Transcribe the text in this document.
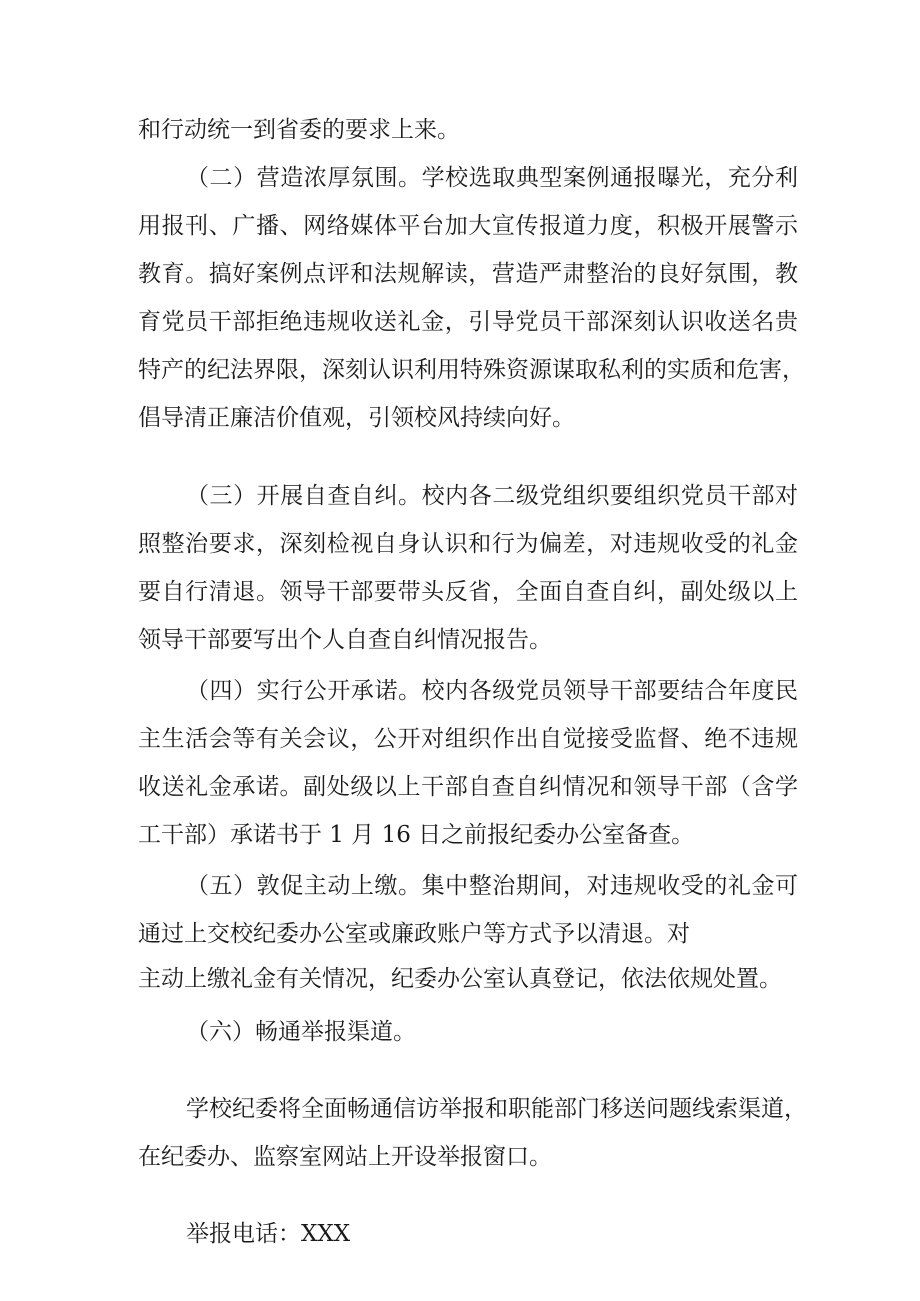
和行动统一到省委的要求上来。
（二）营造浓厚氛围。学校选取典型案例通报曝光，充分利
用报刊、广播、网络媒体平台加大宣传报道力度，积极开展警示
教育。搞好案例点评和法规解读，营造严肃整治的良好氛围，教
育党员干部拒绝违规收送礼金，引导党员干部深刻认识收送名贵
特产的纪法界限，深刻认识利用特殊资源谋取私利的实质和危害，
倡导清正廉洁价值观，引领校风持续向好。
（三）开展自查自纠。校内各二级党组织要组织党员干部对
照整治要求，深刻检视自身认识和行为偏差，对违规收受的礼金
要自行清退。领导干部要带头反省，全面自查自纠，副处级以上
领导干部要写出个人自查自纠情况报告。
（四）实行公开承诺。校内各级党员领导干部要结合年度民
主生活会等有关会议，公开对组织作出自觉接受监督、绝不违规
收送礼金承诺。副处级以上干部自查自纠情况和领导干部（含学
工干部）承诺书于 1 月 16 日之前报纪委办公室备查。
（五）敦促主动上缴。集中整治期间，对违规收受的礼金可
通过上交校纪委办公室或廉政账户等方式予以清退。对
主动上缴礼金有关情况，纪委办公室认真登记，依法依规处置。
（六）畅通举报渠道。
学校纪委将全面畅通信访举报和职能部门移送问题线索渠道，
在纪委办、监察室网站上开设举报窗口。
举报电话：XXX
